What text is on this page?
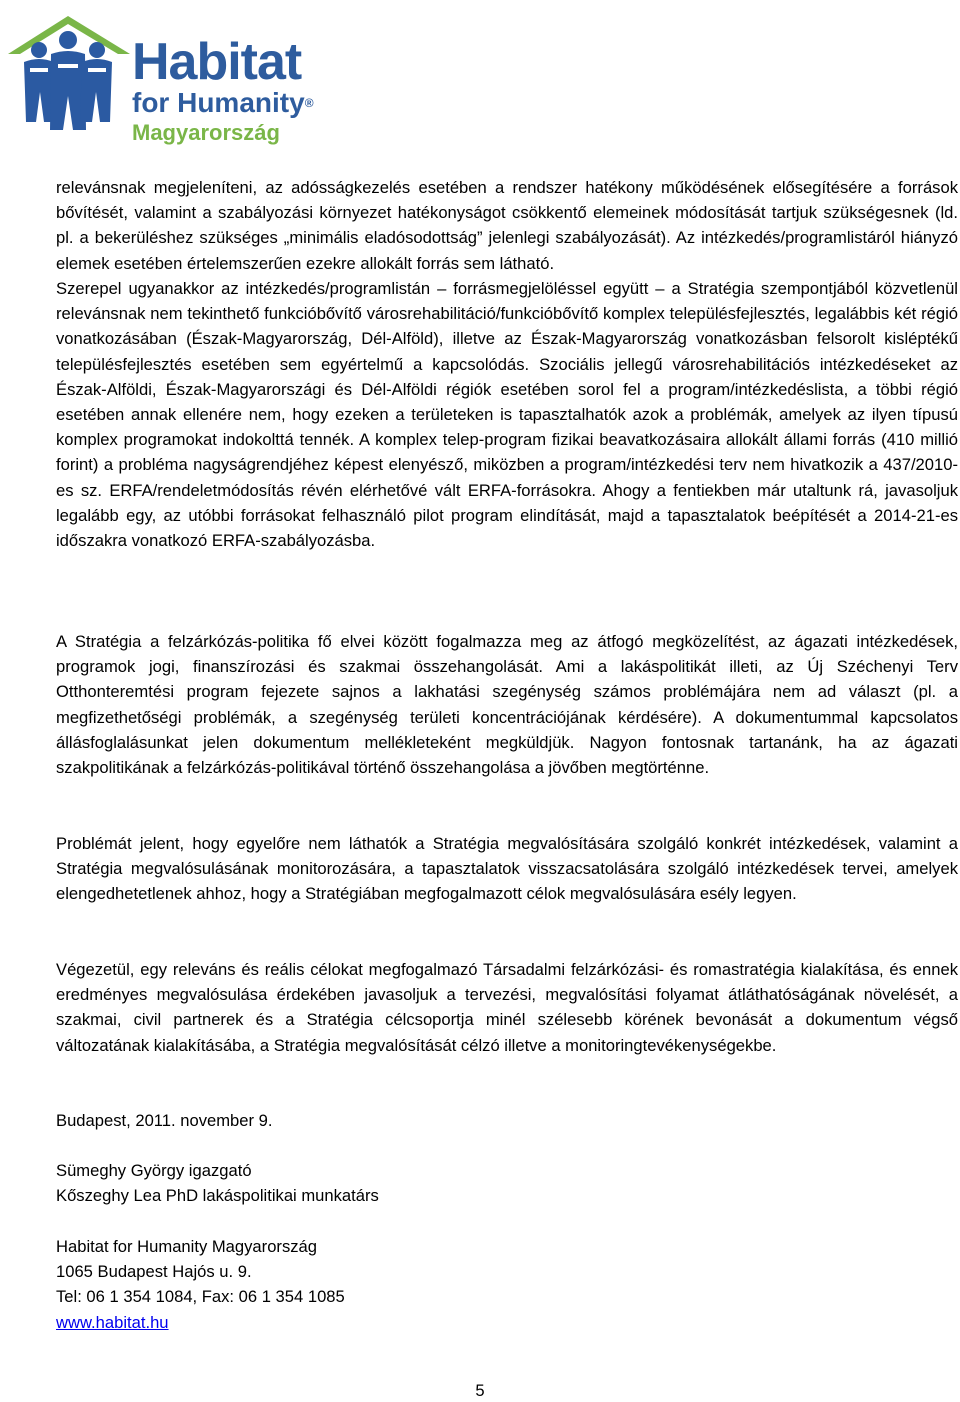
Habitat
for Humanity®
Magyarország

relevánsnak megjeleníteni, az adósságkezelés esetében a rendszer hatékony működésének elősegítésére a források bővítését, valamint a szabályozási környezet hatékonyságot csökkentő elemeinek módosítását tartjuk szükségesnek (ld. pl. a bekerüléshez szükséges „minimális eladósodottság” jelenlegi szabályozását). Az intézkedés/programlistáról hiányzó elemek esetében értelemszerűen ezekre allokált forrás sem látható.

Szerepel ugyanakkor az intézkedés/programlistán – forrásmegjelöléssel együtt – a Stratégia szempontjából közvetlenül relevánsnak nem tekinthető funkcióbővítő városrehabilitáció/funkcióbővítő komplex településfejlesztés, legalábbis két régió vonatkozásában (Észak-Magyarország, Dél-Alföld), illetve az Észak-Magyarország vonatkozásban felsorolt kisléptékű településfejlesztés esetében sem egyértelmű a kapcsolódás. Szociális jellegű városrehabilitációs intézkedéseket az Észak-Alföldi, Észak-Magyarországi és Dél-Alföldi régiók esetében sorol fel a program/intézkedéslista, a többi régió esetében annak ellenére nem, hogy ezeken a területeken is tapasztalhatók azok a problémák, amelyek az ilyen típusú komplex programokat indokolttá tennék. A komplex telep-program fizikai beavatkozásaira allokált állami forrás (410 millió forint) a probléma nagyságrendjéhez képest elenyésző, miközben a program/intézkedési terv nem hivatkozik a 437/2010-es sz. ERFA/rendeletmódosítás révén elérhetővé vált ERFA-forrásokra. Ahogy a fentiekben már utaltunk rá, javasoljuk legalább egy, az utóbbi forrásokat felhasználó pilot program elindítását, majd a tapasztalatok beépítését a 2014-21-es időszakra vonatkozó ERFA-szabályozásba.

A Stratégia a felzárkózás-politika fő elvei között fogalmazza meg az átfogó megközelítést, az ágazati intézkedések, programok jogi, finanszírozási és szakmai összehangolását. Ami a lakáspolitikát illeti, az Új Széchenyi Terv Otthonteremtési program fejezete sajnos a lakhatási szegénység számos problémájára nem ad választ (pl. a megfizethetőségi problémák, a szegénység területi koncentrációjának kérdésére). A dokumentummal kapcsolatos állásfoglalásunkat jelen dokumentum mellékleteként megküldjük. Nagyon fontosnak tartanánk, ha az ágazati szakpolitikának a felzárkózás-politikával történő összehangolása a jövőben megtörténne.

Problémát jelent, hogy egyelőre nem láthatók a Stratégia megvalósítására szolgáló konkrét intézkedések, valamint a Stratégia megvalósulásának monitorozására, a tapasztalatok visszacsatolására szolgáló intézkedések tervei, amelyek elengedhetetlenek ahhoz, hogy a Stratégiában megfogalmazott célok megvalósulására esély legyen.

Végezetül, egy releváns és reális célokat megfogalmazó Társadalmi felzárkózási- és romastratégia kialakítása, és ennek eredményes megvalósulása érdekében javasoljuk a tervezési, megvalósítási folyamat átláthatóságának növelését, a szakmai, civil partnerek és a Stratégia célcsoportja minél szélesebb körének bevonását a dokumentum végső változatának kialakításába, a Stratégia megvalósítását célzó illetve a monitoringtevékenységekbe.

Budapest, 2011. november 9.

Sümeghy György igazgató
Kőszeghy Lea PhD lakáspolitikai munkatárs
Habitat for Humanity Magyarország
1065 Budapest Hajós u. 9.
Tel: 06 1 354 1084, Fax: 06 1 354 1085
www.habitat.hu
5
